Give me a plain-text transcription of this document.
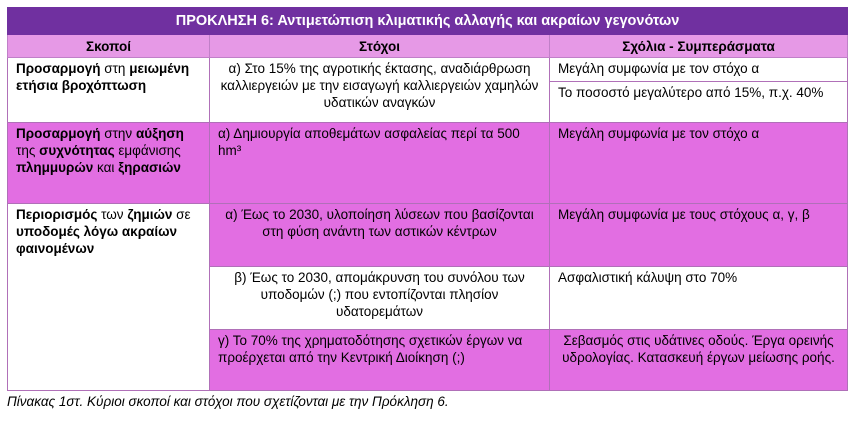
ΠΡΟΚΛΗΣΗ 6: Αντιμετώπιση κλιματικής αλλαγής και ακραίων γεγονότων		
Σκοποί	Στόχοι	Σχόλια - Συμπεράσματα
Προσαρμογή στη μειωμένη ετήσια βροχόπτωση	α) Στο 15% της αγροτικής έκτασης, αναδιάρθρωση καλλιεργειών με την εισαγωγή καλλιεργειών χαμηλών υδατικών αναγκών	Μεγάλη συμφωνία με τον στόχο α
		Το ποσοστό μεγαλύτερο από 15%, π.χ. 40%
Προσαρμογή στην αύξηση της συχνότητας εμφάνισης πλημμυρών και ξηρασιών	α) Δημιουργία αποθεμάτων ασφαλείας περί τα 500 hm³	Μεγάλη συμφωνία με τον στόχο α
Περιορισμός των ζημιών σε υποδομές λόγω ακραίων φαινομένων	α) Έως το 2030, υλοποίηση λύσεων που βασίζονται στη φύση ανάντη των αστικών κέντρων	Μεγάλη συμφωνία με τους στόχους α, γ, β
	β) Έως το 2030, απομάκρυνση του συνόλου των υποδομών (;) που εντοπίζονται πλησίον υδατορεμάτων	Ασφαλιστική κάλυψη στο 70%
	γ) Το 70% της χρηματοδότησης σχετικών έργων να προέρχεται από την Κεντρική Διοίκηση (;)	Σεβασμός στις υδάτινες οδούς. Έργα ορεινής υδρολογίας. Κατασκευή έργων μείωσης ροής.
Πίνακας 1στ. Κύριοι σκοποί και στόχοι που σχετίζονται με την Πρόκληση 6.
